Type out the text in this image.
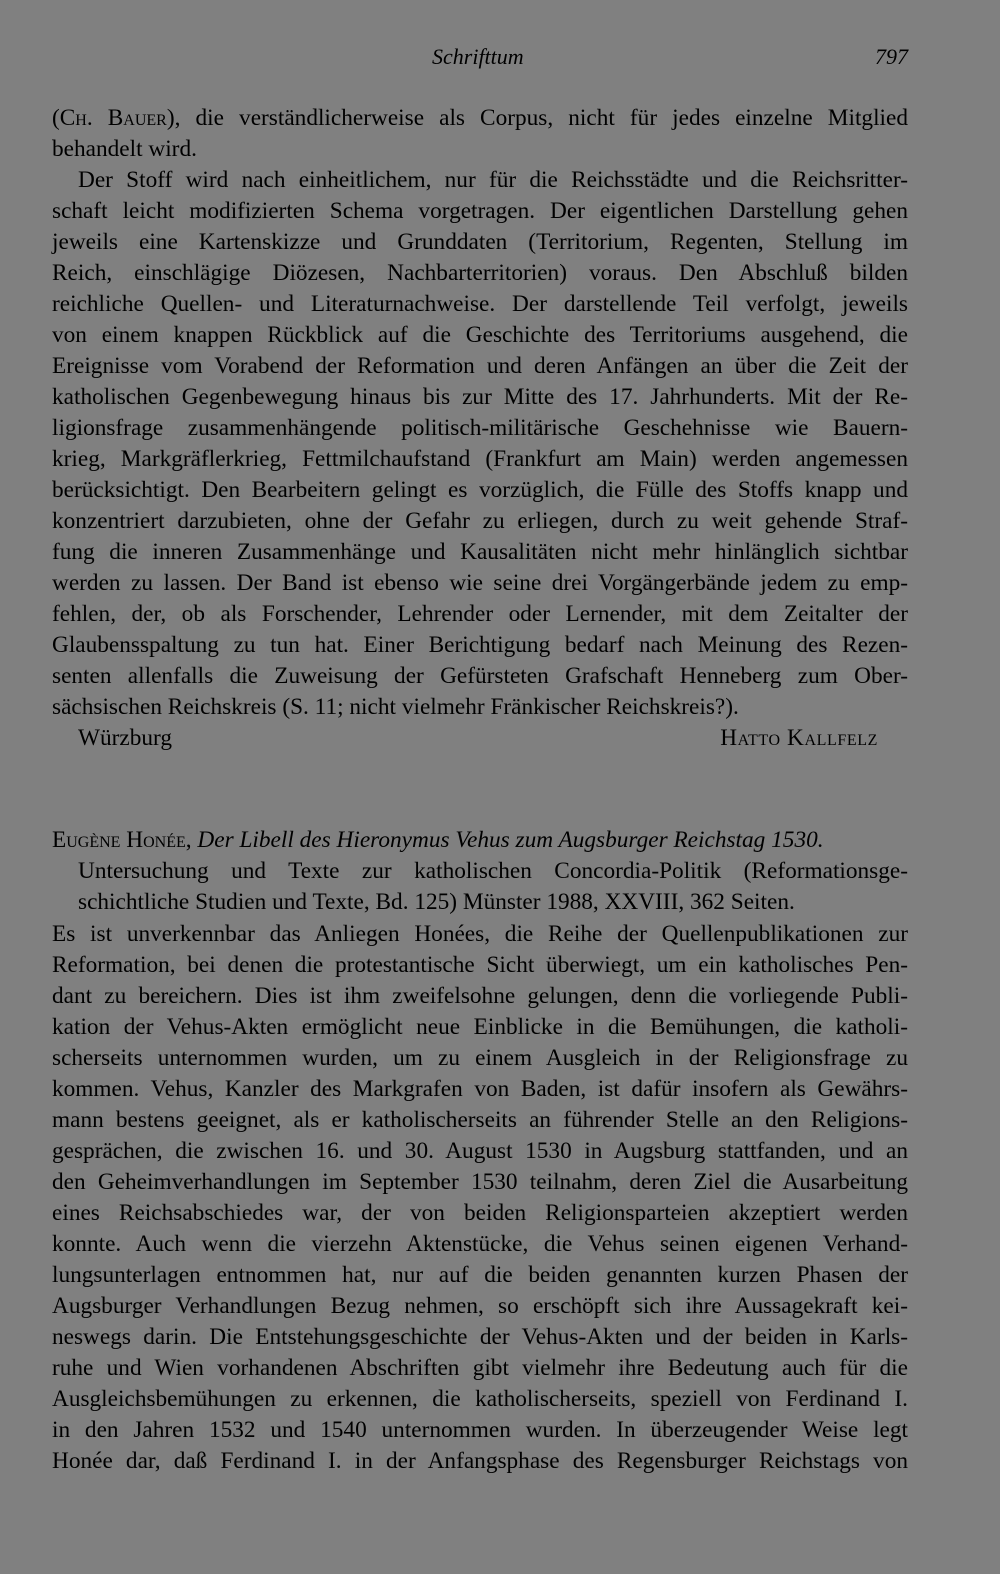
Schrifttum	797
(Ch. Bauer), die verständlicherweise als Corpus, nicht für jedes einzelne Mitglied
behandelt wird.
Der Stoff wird nach einheitlichem, nur für die Reichsstädte und die Reichsritter-
schaft leicht modifizierten Schema vorgetragen. Der eigentlichen Darstellung gehen
jeweils eine Kartenskizze und Grunddaten (Territorium, Regenten, Stellung im
Reich, einschlägige Diözesen, Nachbarterritorien) voraus. Den Abschluß bilden
reichliche Quellen- und Literaturnachweise. Der darstellende Teil verfolgt, jeweils
von einem knappen Rückblick auf die Geschichte des Territoriums ausgehend, die
Ereignisse vom Vorabend der Reformation und deren Anfängen an über die Zeit der
katholischen Gegenbewegung hinaus bis zur Mitte des 17. Jahrhunderts. Mit der Re-
ligionsfrage zusammenhängende politisch-militärische Geschehnisse wie Bauern-
krieg, Markgräflerkrieg, Fettmilchaufstand (Frankfurt am Main) werden angemessen
berücksichtigt. Den Bearbeitern gelingt es vorzüglich, die Fülle des Stoffs knapp und
konzentriert darzubieten, ohne der Gefahr zu erliegen, durch zu weit gehende Straf-
fung die inneren Zusammenhänge und Kausalitäten nicht mehr hinlänglich sichtbar
werden zu lassen. Der Band ist ebenso wie seine drei Vorgängerbände jedem zu emp-
fehlen, der, ob als Forschender, Lehrender oder Lernender, mit dem Zeitalter der
Glaubensspaltung zu tun hat. Einer Berichtigung bedarf nach Meinung des Rezen-
senten allenfalls die Zuweisung der Gefürsteten Grafschaft Henneberg zum Ober-
sächsischen Reichskreis (S. 11; nicht vielmehr Fränkischer Reichskreis?).
Würzburg	Hatto Kallfelz
Eugène Honée, Der Libell des Hieronymus Vehus zum Augsburger Reichstag 1530.
Untersuchung und Texte zur katholischen Concordia-Politik (Reformationsge-
schichtliche Studien und Texte, Bd. 125) Münster 1988, XXVIII, 362 Seiten.
Es ist unverkennbar das Anliegen Honées, die Reihe der Quellenpublikationen zur
Reformation, bei denen die protestantische Sicht überwiegt, um ein katholisches Pen-
dant zu bereichern. Dies ist ihm zweifelsohne gelungen, denn die vorliegende Publi-
kation der Vehus-Akten ermöglicht neue Einblicke in die Bemühungen, die katholi-
scherseits unternommen wurden, um zu einem Ausgleich in der Religionsfrage zu
kommen. Vehus, Kanzler des Markgrafen von Baden, ist dafür insofern als Gewährs-
mann bestens geeignet, als er katholischerseits an führender Stelle an den Religions-
gesprächen, die zwischen 16. und 30. August 1530 in Augsburg stattfanden, und an
den Geheimverhandlungen im September 1530 teilnahm, deren Ziel die Ausarbeitung
eines Reichsabschiedes war, der von beiden Religionsparteien akzeptiert werden
konnte. Auch wenn die vierzehn Aktenstücke, die Vehus seinen eigenen Verhand-
lungsunterlagen entnommen hat, nur auf die beiden genannten kurzen Phasen der
Augsburger Verhandlungen Bezug nehmen, so erschöpft sich ihre Aussagekraft kei-
neswegs darin. Die Entstehungsgeschichte der Vehus-Akten und der beiden in Karls-
ruhe und Wien vorhandenen Abschriften gibt vielmehr ihre Bedeutung auch für die
Ausgleichsbemühungen zu erkennen, die katholischerseits, speziell von Ferdinand I.
in den Jahren 1532 und 1540 unternommen wurden. In überzeugender Weise legt
Honée dar, daß Ferdinand I. in der Anfangsphase des Regensburger Reichstags von
